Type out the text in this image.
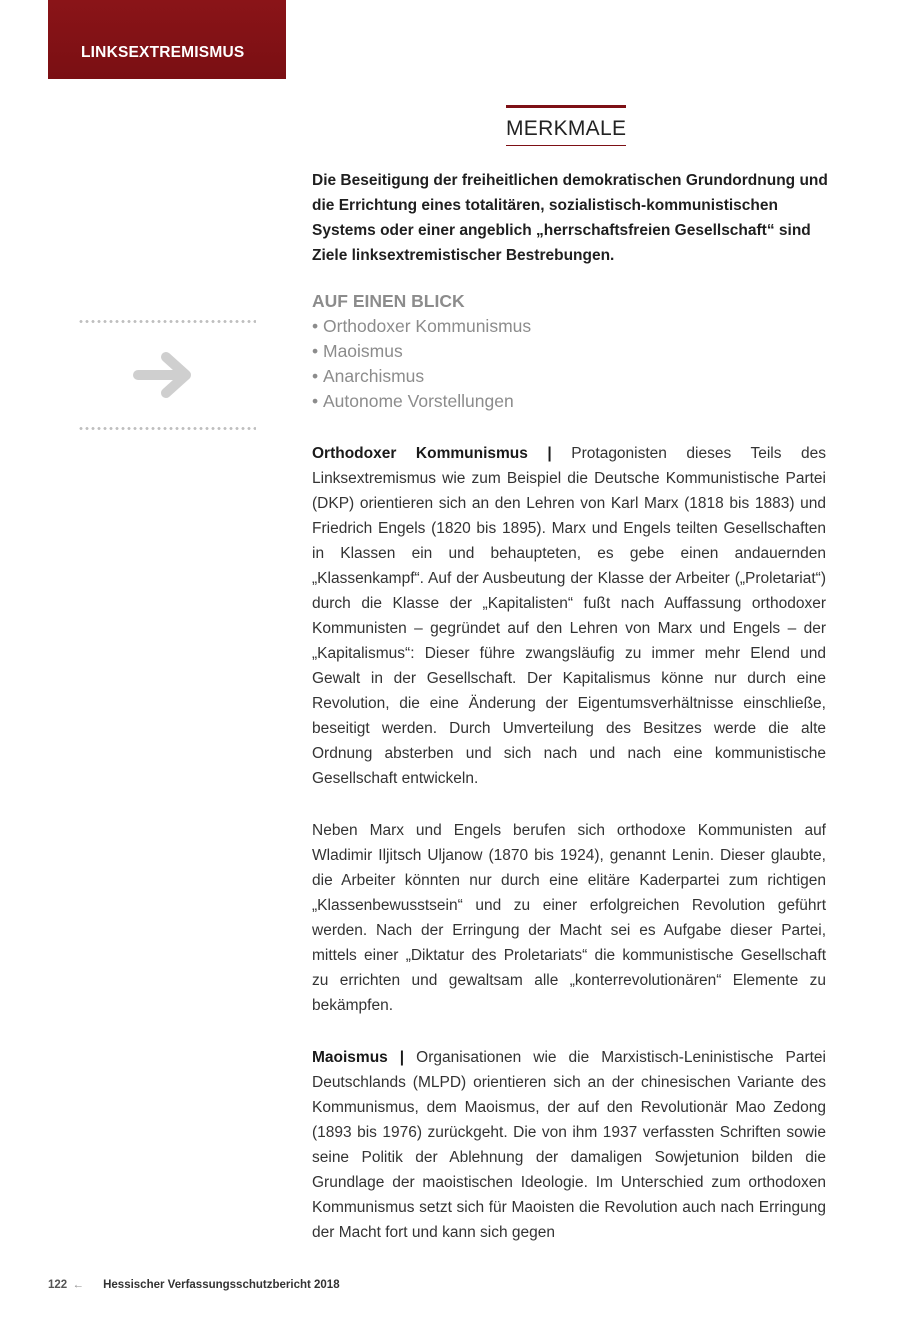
LINKSEXTREMISMUS
MERKMALE

Die Beseitigung der freiheitlichen demokratischen Grundordnung und die Errichtung eines totalitären, sozialistisch-kommunistischen Systems oder einer angeblich „herrschaftsfreien Gesellschaft“ sind Ziele linksextremistischer Bestrebungen.

AUF EINEN BLICK
• Orthodoxer Kommunismus
• Maoismus
• Anarchismus
• Autonome Vorstellungen

Orthodoxer Kommunismus | Protagonisten dieses Teils des Linksextremismus wie zum Beispiel die Deutsche Kommunistische Partei (DKP) orientieren sich an den Lehren von Karl Marx (1818 bis 1883) und Friedrich Engels (1820 bis 1895). Marx und Engels teilten Gesellschaften in Klassen ein und behaupteten, es gebe einen andauernden „Klassenkampf“. Auf der Ausbeutung der Klasse der Arbeiter („Proletariat“) durch die Klasse der „Kapitalisten“ fußt nach Auffassung orthodoxer Kommunisten – gegründet auf den Lehren von Marx und Engels – der „Kapitalismus“: Dieser führe zwangsläufig zu immer mehr Elend und Gewalt in der Gesellschaft. Der Kapitalismus könne nur durch eine Revolution, die eine Änderung der Eigentumsverhältnisse einschließe, beseitigt werden. Durch Umverteilung des Besitzes werde die alte Ordnung absterben und sich nach und nach eine kommunistische Gesellschaft entwickeln.

Neben Marx und Engels berufen sich orthodoxe Kommunisten auf Wladimir Iljitsch Uljanow (1870 bis 1924), genannt Lenin. Dieser glaubte, die Arbeiter könnten nur durch eine elitäre Kaderpartei zum richtigen „Klassenbewusstsein“ und zu einer erfolgreichen Revolution geführt werden. Nach der Erringung der Macht sei es Aufgabe dieser Partei, mittels einer „Diktatur des Proletariats“ die kommunistische Gesellschaft zu errichten und gewaltsam alle „konterrevolutionären“ Elemente zu bekämpfen.

Maoismus | Organisationen wie die Marxistisch-Leninistische Partei Deutschlands (MLPD) orientieren sich an der chinesischen Variante des Kommunismus, dem Maoismus, der auf den Revolutionär Mao Zedong (1893 bis 1976) zurückgeht. Die von ihm 1937 verfassten Schriften sowie seine Politik der Ablehnung der damaligen Sowjetunion bilden die Grundlage der maoistischen Ideologie. Im Unterschied zum orthodoxen Kommunismus setzt sich für Maoisten die Revolution auch nach Erringung der Macht fort und kann sich gegen

122 ← Hessischer Verfassungsschutzbericht 2018
